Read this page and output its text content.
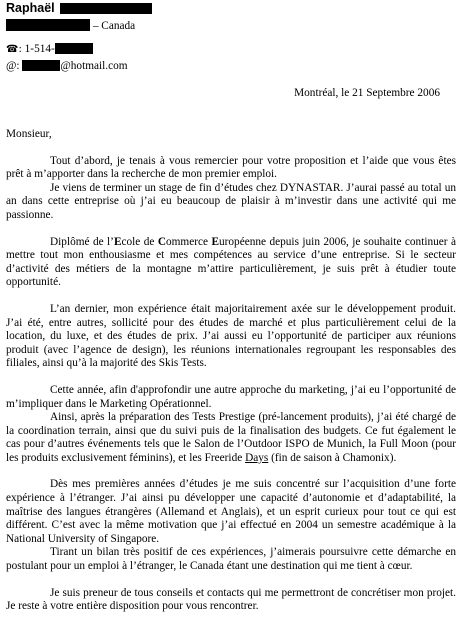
Raphaël
– Canada
☎: 1-514-
@:	@hotmail.com
Montréal, le 21 Septembre 2006

Monsieur,

Tout d’abord, je tenais à vous remercier pour votre proposition et l’aide que vous êtes prêt à m’apporter dans la recherche de mon premier emploi.

Je viens de terminer un stage de fin d’études chez DYNASTAR. J’aurai passé au total un an dans cette entreprise où j’ai eu beaucoup de plaisir à m’investir dans une activité qui me passionne.

Diplômé de l’Ecole de Commerce Européenne depuis juin 2006, je souhaite continuer à mettre tout mon enthousiasme et mes compétences au service d’une entreprise. Si le secteur d’activité des métiers de la montagne m’attire particulièrement, je suis prêt à étudier toute opportunité.

L’an dernier, mon expérience était majoritairement axée sur le développement produit. J’ai été, entre autres, sollicité pour des études de marché et plus particulièrement celui de la location, du luxe, et des études de prix. J’ai aussi eu l’opportunité de participer aux réunions produit (avec l’agence de design), les réunions internationales regroupant les responsables des filiales, ainsi qu’à la majorité des Skis Tests.

Cette année, afin d'approfondir une autre approche du marketing, j’ai eu l’opportunité de m’impliquer dans le Marketing Opérationnel.

Ainsi, après la préparation des Tests Prestige (pré-lancement produits), j’ai été chargé de la coordination terrain, ainsi que du suivi puis de la finalisation des budgets. Ce fut également le cas pour d’autres événements tels que le Salon de l’Outdoor ISPO de Munich, la Full Moon (pour les produits exclusivement féminins), et les Freeride Days (fin de saison à Chamonix).

Dès mes premières années d’études je me suis concentré sur l’acquisition d’une forte expérience à l’étranger. J’ai ainsi pu développer une capacité d’autonomie et d’adaptabilité, la maîtrise des langues étrangères (Allemand et Anglais), et un esprit curieux pour tout ce qui est différent. C’est avec la même motivation que j’ai effectué en 2004 un semestre académique à la National University of Singapore.

Tirant un bilan très positif de ces expériences, j’aimerais poursuivre cette démarche en postulant pour un emploi à l’étranger, le Canada étant une destination qui me tient à cœur.

Je suis preneur de tous conseils et contacts qui me permettront de concrétiser mon projet. Je reste à votre entière disposition pour vous rencontrer.
